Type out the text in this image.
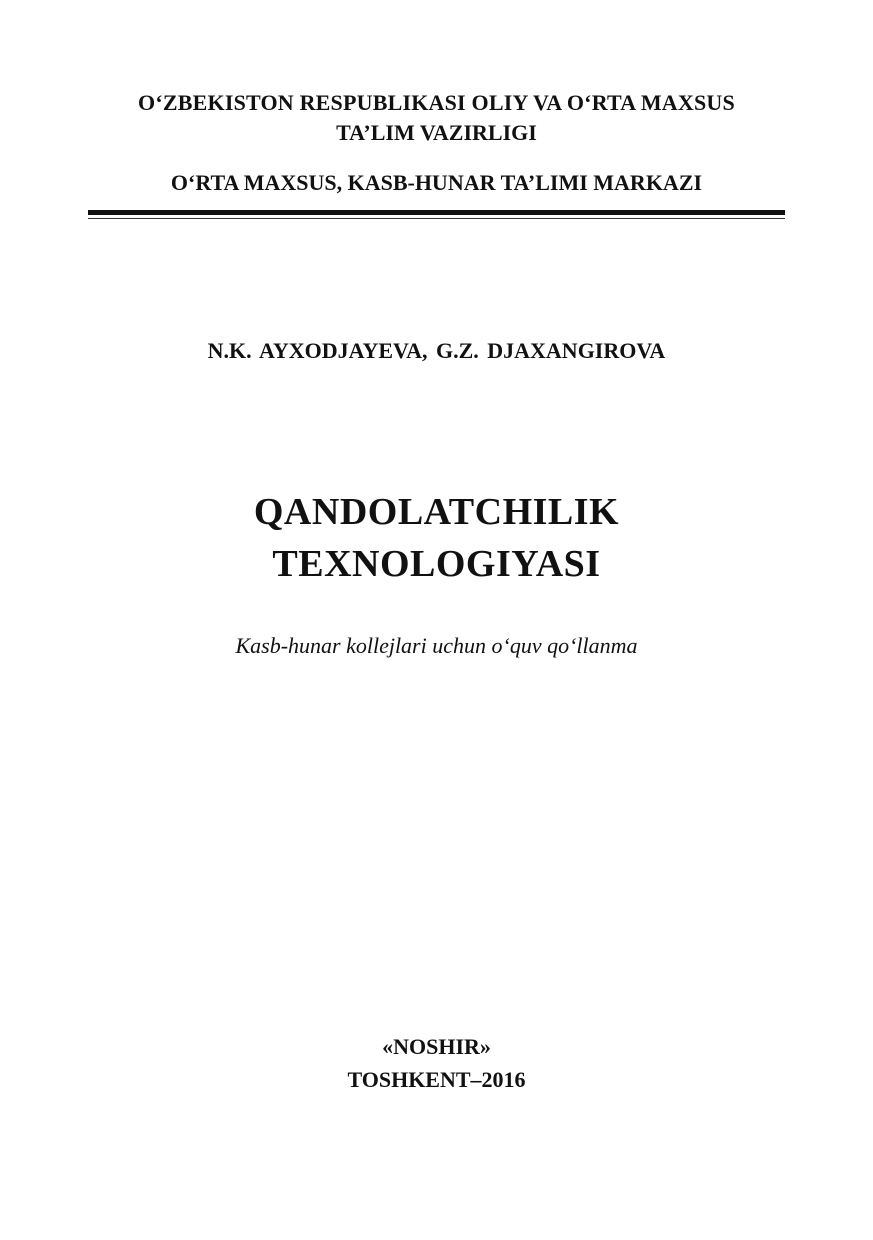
O‘ZBEKISTON RESPUBLIKASI OLIY VA O‘RTA MAXSUS
TA’LIM VAZIRLIGI
O‘RTA MAXSUS, KASB-HUNAR TA’LIMI MARKAZI
N.K. AYXODJAYEVA, G.Z. DJAXANGIROVA
QANDOLATCHILIK
TEXNOLOGIYASI
Kasb-hunar kollejlari uchun o‘quv qo‘llanma
«NOSHIR»
TOSHKENT–2016
